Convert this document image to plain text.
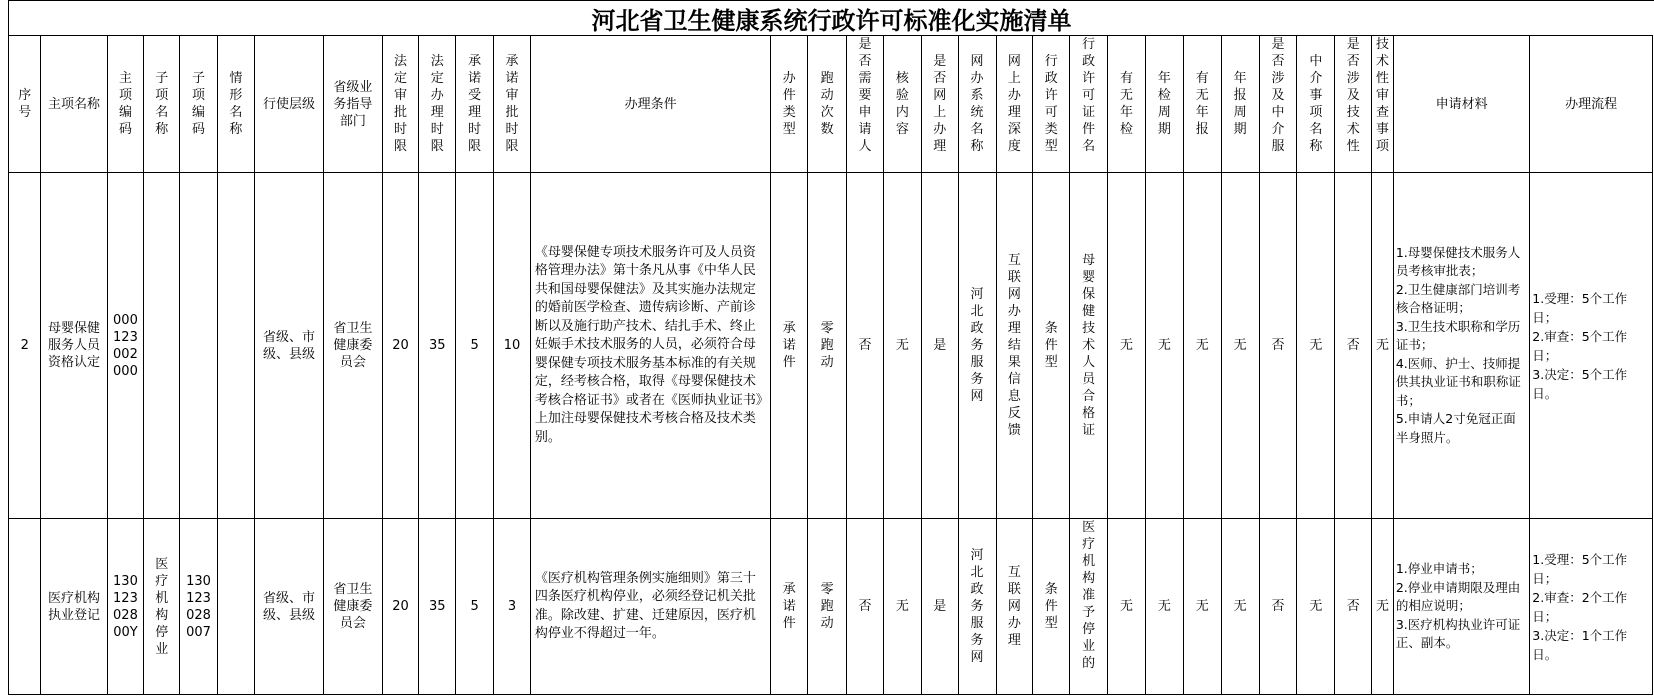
河北省卫生健康系统行政许可标准化实施清单
序号	主项名称	主项编码	子项名称	子项编码	情形名称	行使层级	省级业务指导部门	法定审批时限	法定办理时限	承诺受理时限	承诺审批时限	办理条件	办件类型	跑动次数	是否需要申请人	核验内容	是否网上办理	网办系统名称	网上办理深度	行政许可类型	行政许可证件名	有无年检	年检周期	有无年报	年报周期	是否涉及中介服	中介事项名称	是否涉及技术性	技术性审查事项	申请材料	办理流程
2	母婴保健服务人员资格认定	000123002000				省级、市级、县级	省卫生健康委员会	20	35	5	10	《母婴保健专项技术服务许可及人员资格管理办法》第十条凡从事《中华人民共和国母婴保健法》及其实施办法规定的婚前医学检查、遗传病诊断、产前诊断以及施行助产技术、结扎手术、终止妊娠手术技术服务的人员，必须符合母婴保健专项技术服务基本标准的有关规定，经考核合格，取得《母婴保健技术考核合格证书》或者在《医师执业证书》上加注母婴保健技术考核合格及技术类别。	承诺件	零跑动	否	无	是	河北政务服务网	互联网办理结果信息反馈	条件型	母婴保健技术人员合格证	无	无	无	无	否	无	否	无	1.母婴保健技术服务人员考核审批表；
2.卫生健康部门培训考核合格证明；
3.卫生技术职称和学历证书；
4.医师、护士、技师提供其执业证书和职称证书；
5.申请人2寸免冠正面半身照片。	1.受理：5个工作日；
2.审查：5个工作日；
3.决定：5个工作日。

	医疗机构执业登记	13012302800Y	医疗机构停业	130123028007		省级、市级、县级	省卫生健康委员会	20	35	5	3	《医疗机构管理条例实施细则》第三十四条医疗机构停业，必须经登记机关批准。除改建、扩建、迁建原因，医疗机构停业不得超过一年。	承诺件	零跑动	否	无	是	河北政务服务网	互联网办理	条件型	医疗机构准予停业的	无	无	无	无	否	无	否	无	1.停业申请书；
2.停业申请期限及理由的相应说明；
3.医疗机构执业许可证正、副本。	1.受理：5个工作日；
2.审查：2个工作日；
3.决定：1个工作日。
